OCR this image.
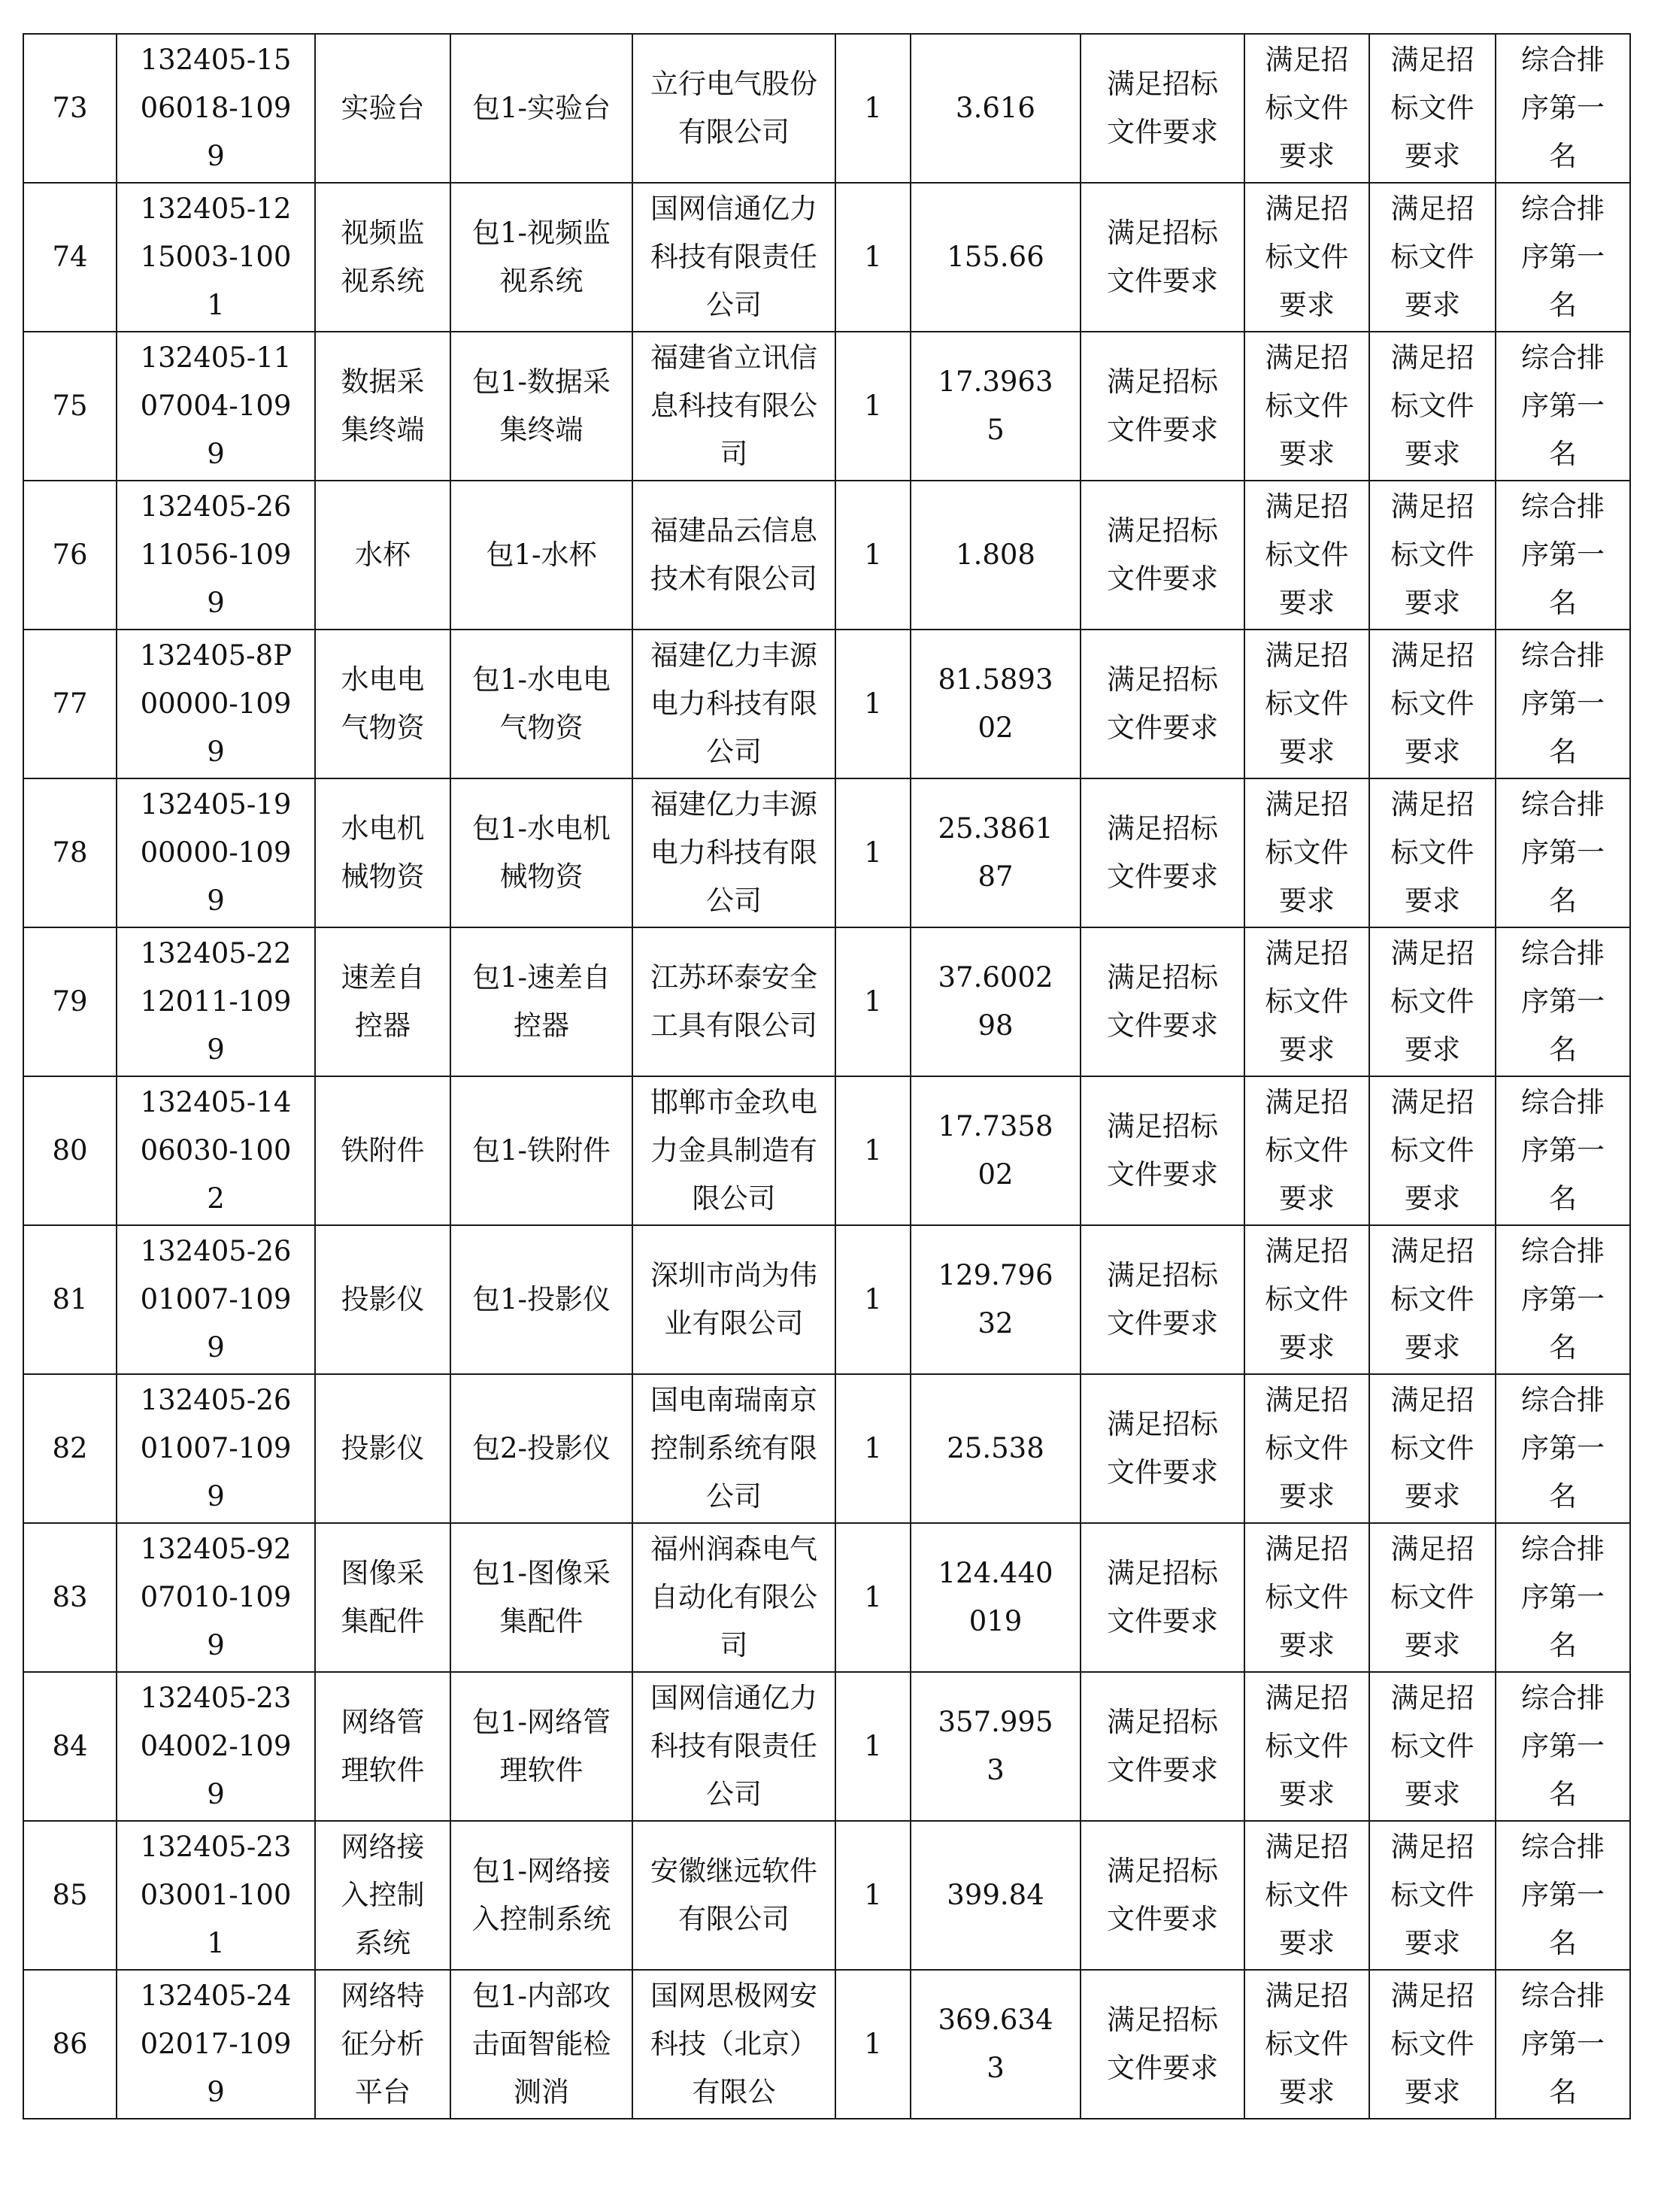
73	132405-1506018-1099	实验台	包1-实验台	立行电气股份有限公司	1	3.616	满足招标文件要求	满足招标文件要求	满足招标文件要求	综合排序第一名
74	132405-1215003-1001	视频监视系统	包1-视频监视系统	国网信通亿力科技有限责任公司	1	155.66	满足招标文件要求	满足招标文件要求	满足招标文件要求	综合排序第一名
75	132405-1107004-1099	数据采集终端	包1-数据采集终端	福建省立讯信息科技有限公司	1	17.39635	满足招标文件要求	满足招标文件要求	满足招标文件要求	综合排序第一名
76	132405-2611056-1099	水杯	包1-水杯	福建品云信息技术有限公司	1	1.808	满足招标文件要求	满足招标文件要求	满足招标文件要求	综合排序第一名
77	132405-8P00000-1099	水电电气物资	包1-水电电气物资	福建亿力丰源电力科技有限公司	1	81.589302	满足招标文件要求	满足招标文件要求	满足招标文件要求	综合排序第一名
78	132405-1900000-1099	水电机械物资	包1-水电机械物资	福建亿力丰源电力科技有限公司	1	25.386187	满足招标文件要求	满足招标文件要求	满足招标文件要求	综合排序第一名
79	132405-2212011-1099	速差自控器	包1-速差自控器	江苏环泰安全工具有限公司	1	37.600298	满足招标文件要求	满足招标文件要求	满足招标文件要求	综合排序第一名
80	132405-1406030-1002	铁附件	包1-铁附件	邯郸市金玖电力金具制造有限公司	1	17.735802	满足招标文件要求	满足招标文件要求	满足招标文件要求	综合排序第一名
81	132405-2601007-1099	投影仪	包1-投影仪	深圳市尚为伟业有限公司	1	129.79632	满足招标文件要求	满足招标文件要求	满足招标文件要求	综合排序第一名
82	132405-2601007-1099	投影仪	包2-投影仪	国电南瑞南京控制系统有限公司	1	25.538	满足招标文件要求	满足招标文件要求	满足招标文件要求	综合排序第一名
83	132405-9207010-1099	图像采集配件	包1-图像采集配件	福州润森电气自动化有限公司	1	124.440019	满足招标文件要求	满足招标文件要求	满足招标文件要求	综合排序第一名
84	132405-2304002-1099	网络管理软件	包1-网络管理软件	国网信通亿力科技有限责任公司	1	357.9953	满足招标文件要求	满足招标文件要求	满足招标文件要求	综合排序第一名
85	132405-2303001-1001	网络接入控制系统	包1-网络接入控制系统	安徽继远软件有限公司	1	399.84	满足招标文件要求	满足招标文件要求	满足招标文件要求	综合排序第一名
86	132405-2402017-1099	网络特征分析平台	包1-内部攻击面智能检测消	国网思极网安科技（北京）有限公	1	369.6343	满足招标文件要求	满足招标文件要求	满足招标文件要求	综合排序第一名
